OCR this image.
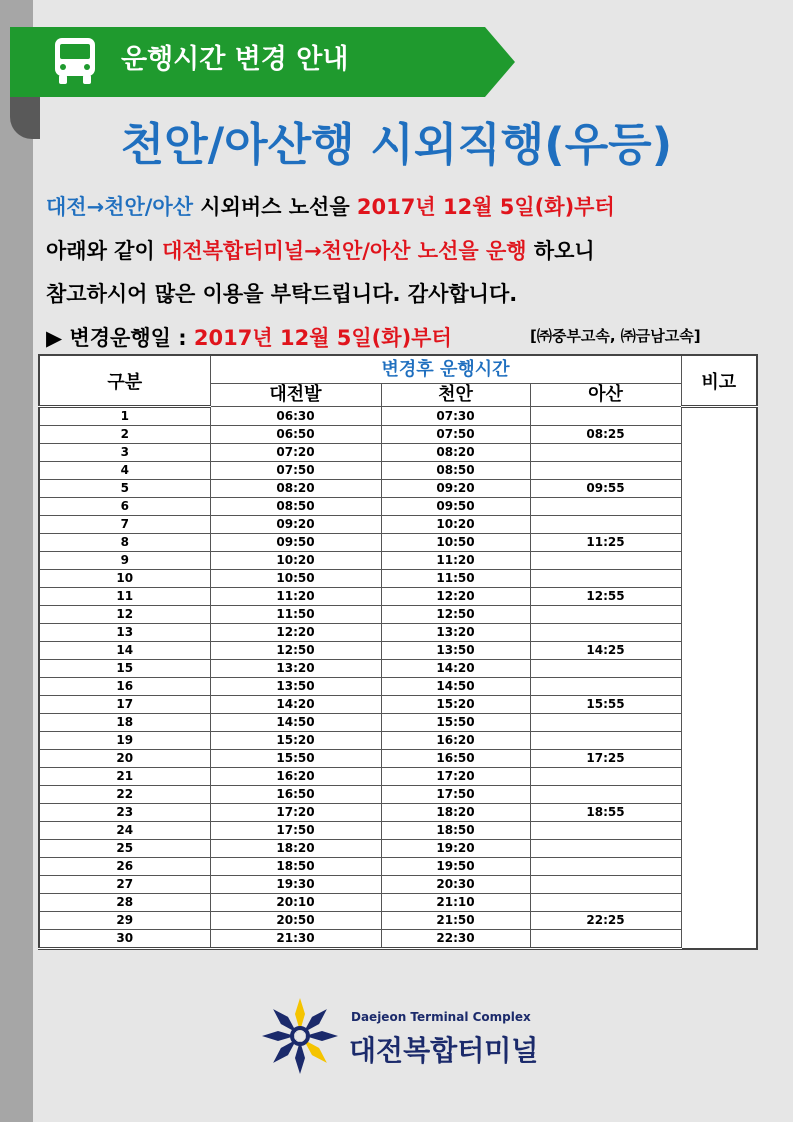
운행시간 변경 안내
천안/아산행 시외직행(우등)
대전→천안/아산 시외버스 노선을 2017년 12월 5일(화)부터
아래와 같이 대전복합터미널→천안/아산 노선을 운행 하오니
참고하시어 많은 이용을 부탁드립니다. 감사합니다.
▶ 변경운행일 : 2017년 12월 5일(화)부터	[㈜중부고속, ㈜금남고속]
구분	변경후 운행시간			비고
	대전발	천안	아산	
1	06:30	07:30		
2	06:50	07:50	08:25	
3	07:20	08:20		
4	07:50	08:50		
5	08:20	09:20	09:55	
6	08:50	09:50		
7	09:20	10:20		
8	09:50	10:50	11:25	
9	10:20	11:20		
10	10:50	11:50		
11	11:20	12:20	12:55	
12	11:50	12:50		
13	12:20	13:20		
14	12:50	13:50	14:25	
15	13:20	14:20		
16	13:50	14:50		
17	14:20	15:20	15:55	
18	14:50	15:50		
19	15:20	16:20		
20	15:50	16:50	17:25	
21	16:20	17:20		
22	16:50	17:50		
23	17:20	18:20	18:55	
24	17:50	18:50		
25	18:20	19:20		
26	18:50	19:50		
27	19:30	20:30		
28	20:10	21:10		
29	20:50	21:50	22:25	
30	21:30	22:30		
Daejeon Terminal Complex
대전복합터미널
